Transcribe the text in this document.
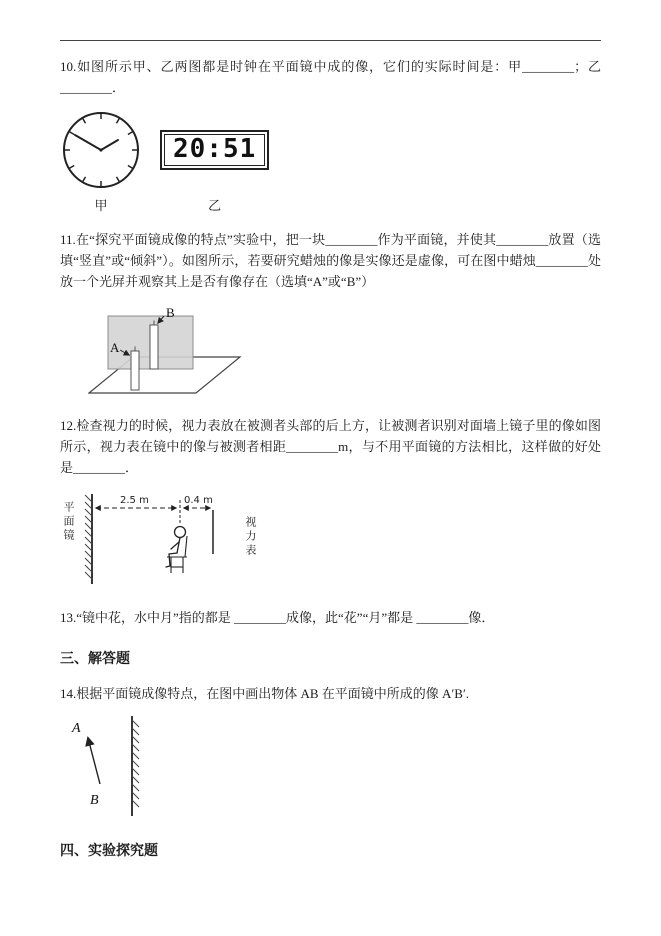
10.如图所示甲、乙两图都是时钟在平面镜中成的像，它们的实际时间是：甲________；乙________．

甲
20:51
乙

11.在“探究平面镜成像的特点”实验中，把一块________作为平面镜，并使其________放置（选填“竖直”或“倾斜”）。如图所示，若要研究蜡烛的像是实像还是虚像，可在图中蜡烛________处放一个光屏并观察其上是否有像存在（选填“A”或“B”）

B
A

12.检查视力的时候，视力表放在被测者头部的后上方，让被测者识别对面墙上镜子里的像如图所示，视力表在镜中的像与被测者相距________m，与不用平面镜的方法相比，这样做的好处是________．

平面镜
2.5 m	0.4 m
视力表

13.“镜中花，水中月”指的都是 ________成像，此“花”“月”都是 ________像．

三、解答题

14.根据平面镜成像特点，在图中画出物体 AB 在平面镜中所成的像 A′B′.

A
B
四、实验探究题
